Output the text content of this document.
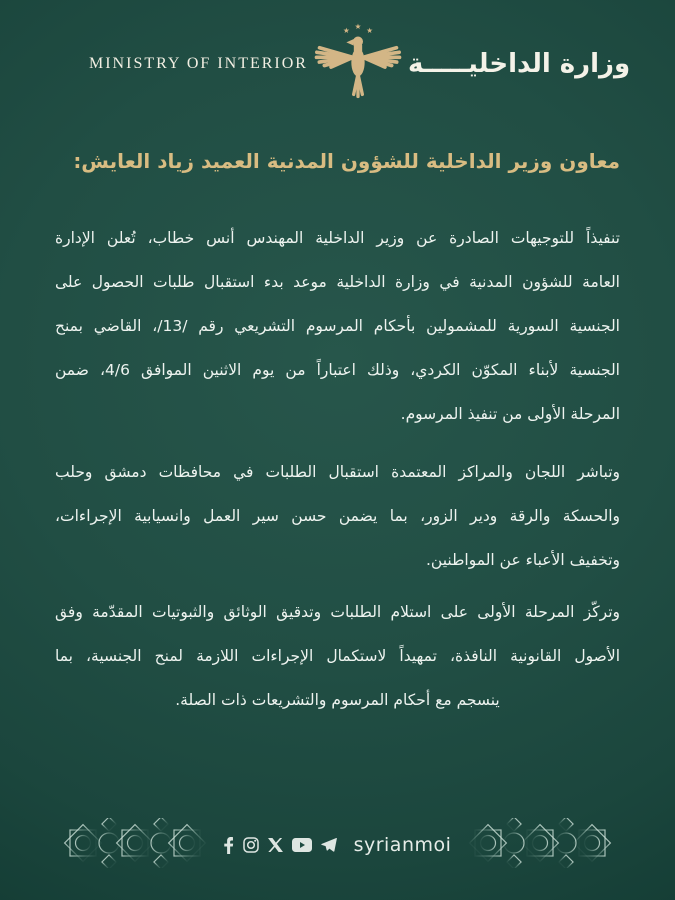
MINISTRY OF INTERIOR
★ ★ ★
وزارة الداخليـــــة
معاون وزير الداخلية للشؤون المدنية العميد زياد العايش:
تنفيذاً للتوجيهات الصادرة عن وزير الداخلية المهندس أنس خطاب، تُعلن الإدارة
العامة للشؤون المدنية في وزارة الداخلية موعد بدء استقبال طلبات الحصول على
الجنسية السورية للمشمولين بأحكام المرسوم التشريعي رقم /13/، القاضي بمنح
الجنسية لأبناء المكوّن الكردي، وذلك اعتباراً من يوم الاثنين الموافق 4/6، ضمن
المرحلة الأولى من تنفيذ المرسوم.
وتباشر اللجان والمراكز المعتمدة استقبال الطلبات في محافظات دمشق وحلب
والحسكة والرقة ودير الزور، بما يضمن حسن سير العمل وانسيابية الإجراءات،
وتخفيف الأعباء عن المواطنين.
وتركّز المرحلة الأولى على استلام الطلبات وتدقيق الوثائق والثبوتيات المقدّمة وفق
الأصول القانونية النافذة، تمهيداً لاستكمال الإجراءات اللازمة لمنح الجنسية، بما
ينسجم مع أحكام المرسوم والتشريعات ذات الصلة.
syrianmoi
